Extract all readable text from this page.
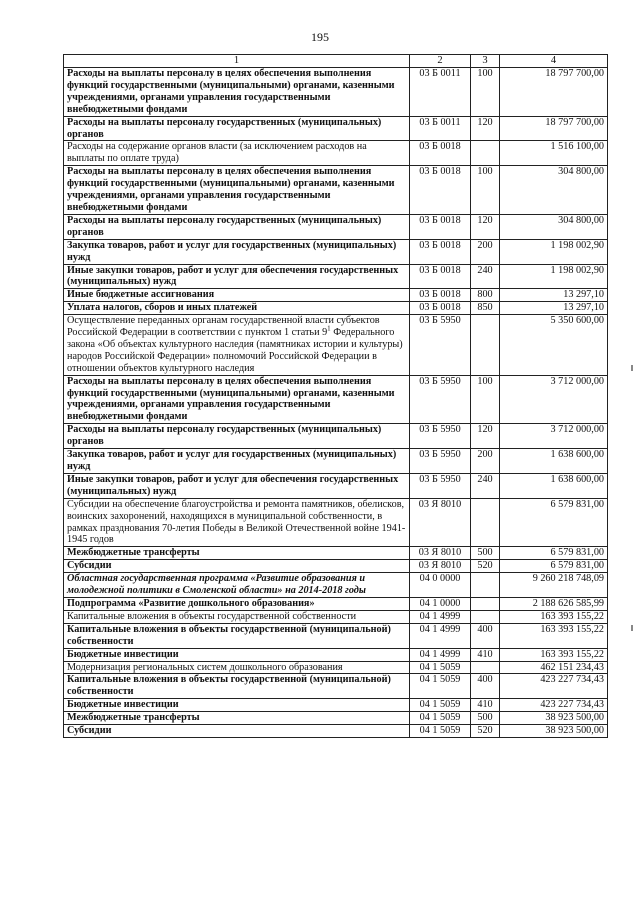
195
1	2	3	4
Расходы на выплаты персоналу в целях обеспечения выполнения функций государственными (муниципальными) органами, казенными учреждениями, органами управления государственными внебюджетными фондами	03 Б 0011	100	18 797 700,00
Расходы на выплаты персоналу государственных (муниципальных) органов	03 Б 0011	120	18 797 700,00
Расходы на содержание органов власти (за исключением расходов на выплаты по оплате труда)	03 Б 0018		1 516 100,00
Расходы на выплаты персоналу в целях обеспечения выполнения функций государственными (муниципальными) органами, казенными учреждениями, органами управления государственными внебюджетными фондами	03 Б 0018	100	304 800,00
Расходы на выплаты персоналу государственных (муниципальных) органов	03 Б 0018	120	304 800,00
Закупка товаров, работ и услуг для государственных (муниципальных) нужд	03 Б 0018	200	1 198 002,90
Иные закупки товаров, работ и услуг для обеспечения государственных (муниципальных) нужд	03 Б 0018	240	1 198 002,90
Иные бюджетные ассигнования	03 Б 0018	800	13 297,10
Уплата налогов, сборов и иных платежей	03 Б 0018	850	13 297,10
Осуществление переданных органам государственной власти субъектов Российской Федерации в соответствии с пунктом 1 статьи $9^1$ Федерального закона «Об объектах культурного наследия (памятниках истории и культуры) народов Российской Федерации» полномочий Российской Федерации в отношении объектов культурного наследия	03 Б 5950		5 350 600,00
Расходы на выплаты персоналу в целях обеспечения выполнения функций государственными (муниципальными) органами, казенными учреждениями, органами управления государственными внебюджетными фондами	03 Б 5950	100	3 712 000,00
Расходы на выплаты персоналу государственных (муниципальных) органов	03 Б 5950	120	3 712 000,00
Закупка товаров, работ и услуг для государственных (муниципальных) нужд	03 Б 5950	200	1 638 600,00
Иные закупки товаров, работ и услуг для обеспечения государственных (муниципальных) нужд	03 Б 5950	240	1 638 600,00
Субсидии на обеспечение благоустройства и ремонта памятников, обелисков, воинских захоронений, находящихся в муниципальной собственности, в рамках празднования 70-летия Победы в Великой Отечественной войне 1941-1945 годов	03 Я 8010		6 579 831,00
Межбюджетные трансферты	03 Я 8010	500	6 579 831,00
Субсидии	03 Я 8010	520	6 579 831,00
Областная государственная программа «Развитие образования и молодежной политики в Смоленской области» на 2014-2018 годы	04 0 0000		9 260 218 748,09
Подпрограмма «Развитие дошкольного образования»	04 1 0000		2 188 626 585,99
Капитальные вложения в объекты государственной собственности	04 1 4999		163 393 155,22
Капитальные вложения в объекты государственной (муниципальной) собственности	04 1 4999	400	163 393 155,22
Бюджетные инвестиции	04 1 4999	410	163 393 155,22
Модернизация региональных систем дошкольного образования	04 1 5059		462 151 234,43
Капитальные вложения в объекты государственной (муниципальной) собственности	04 1 5059	400	423 227 734,43
Бюджетные инвестиции	04 1 5059	410	423 227 734,43
Межбюджетные трансферты	04 1 5059	500	38 923 500,00
Субсидии	04 1 5059	520	38 923 500,00
